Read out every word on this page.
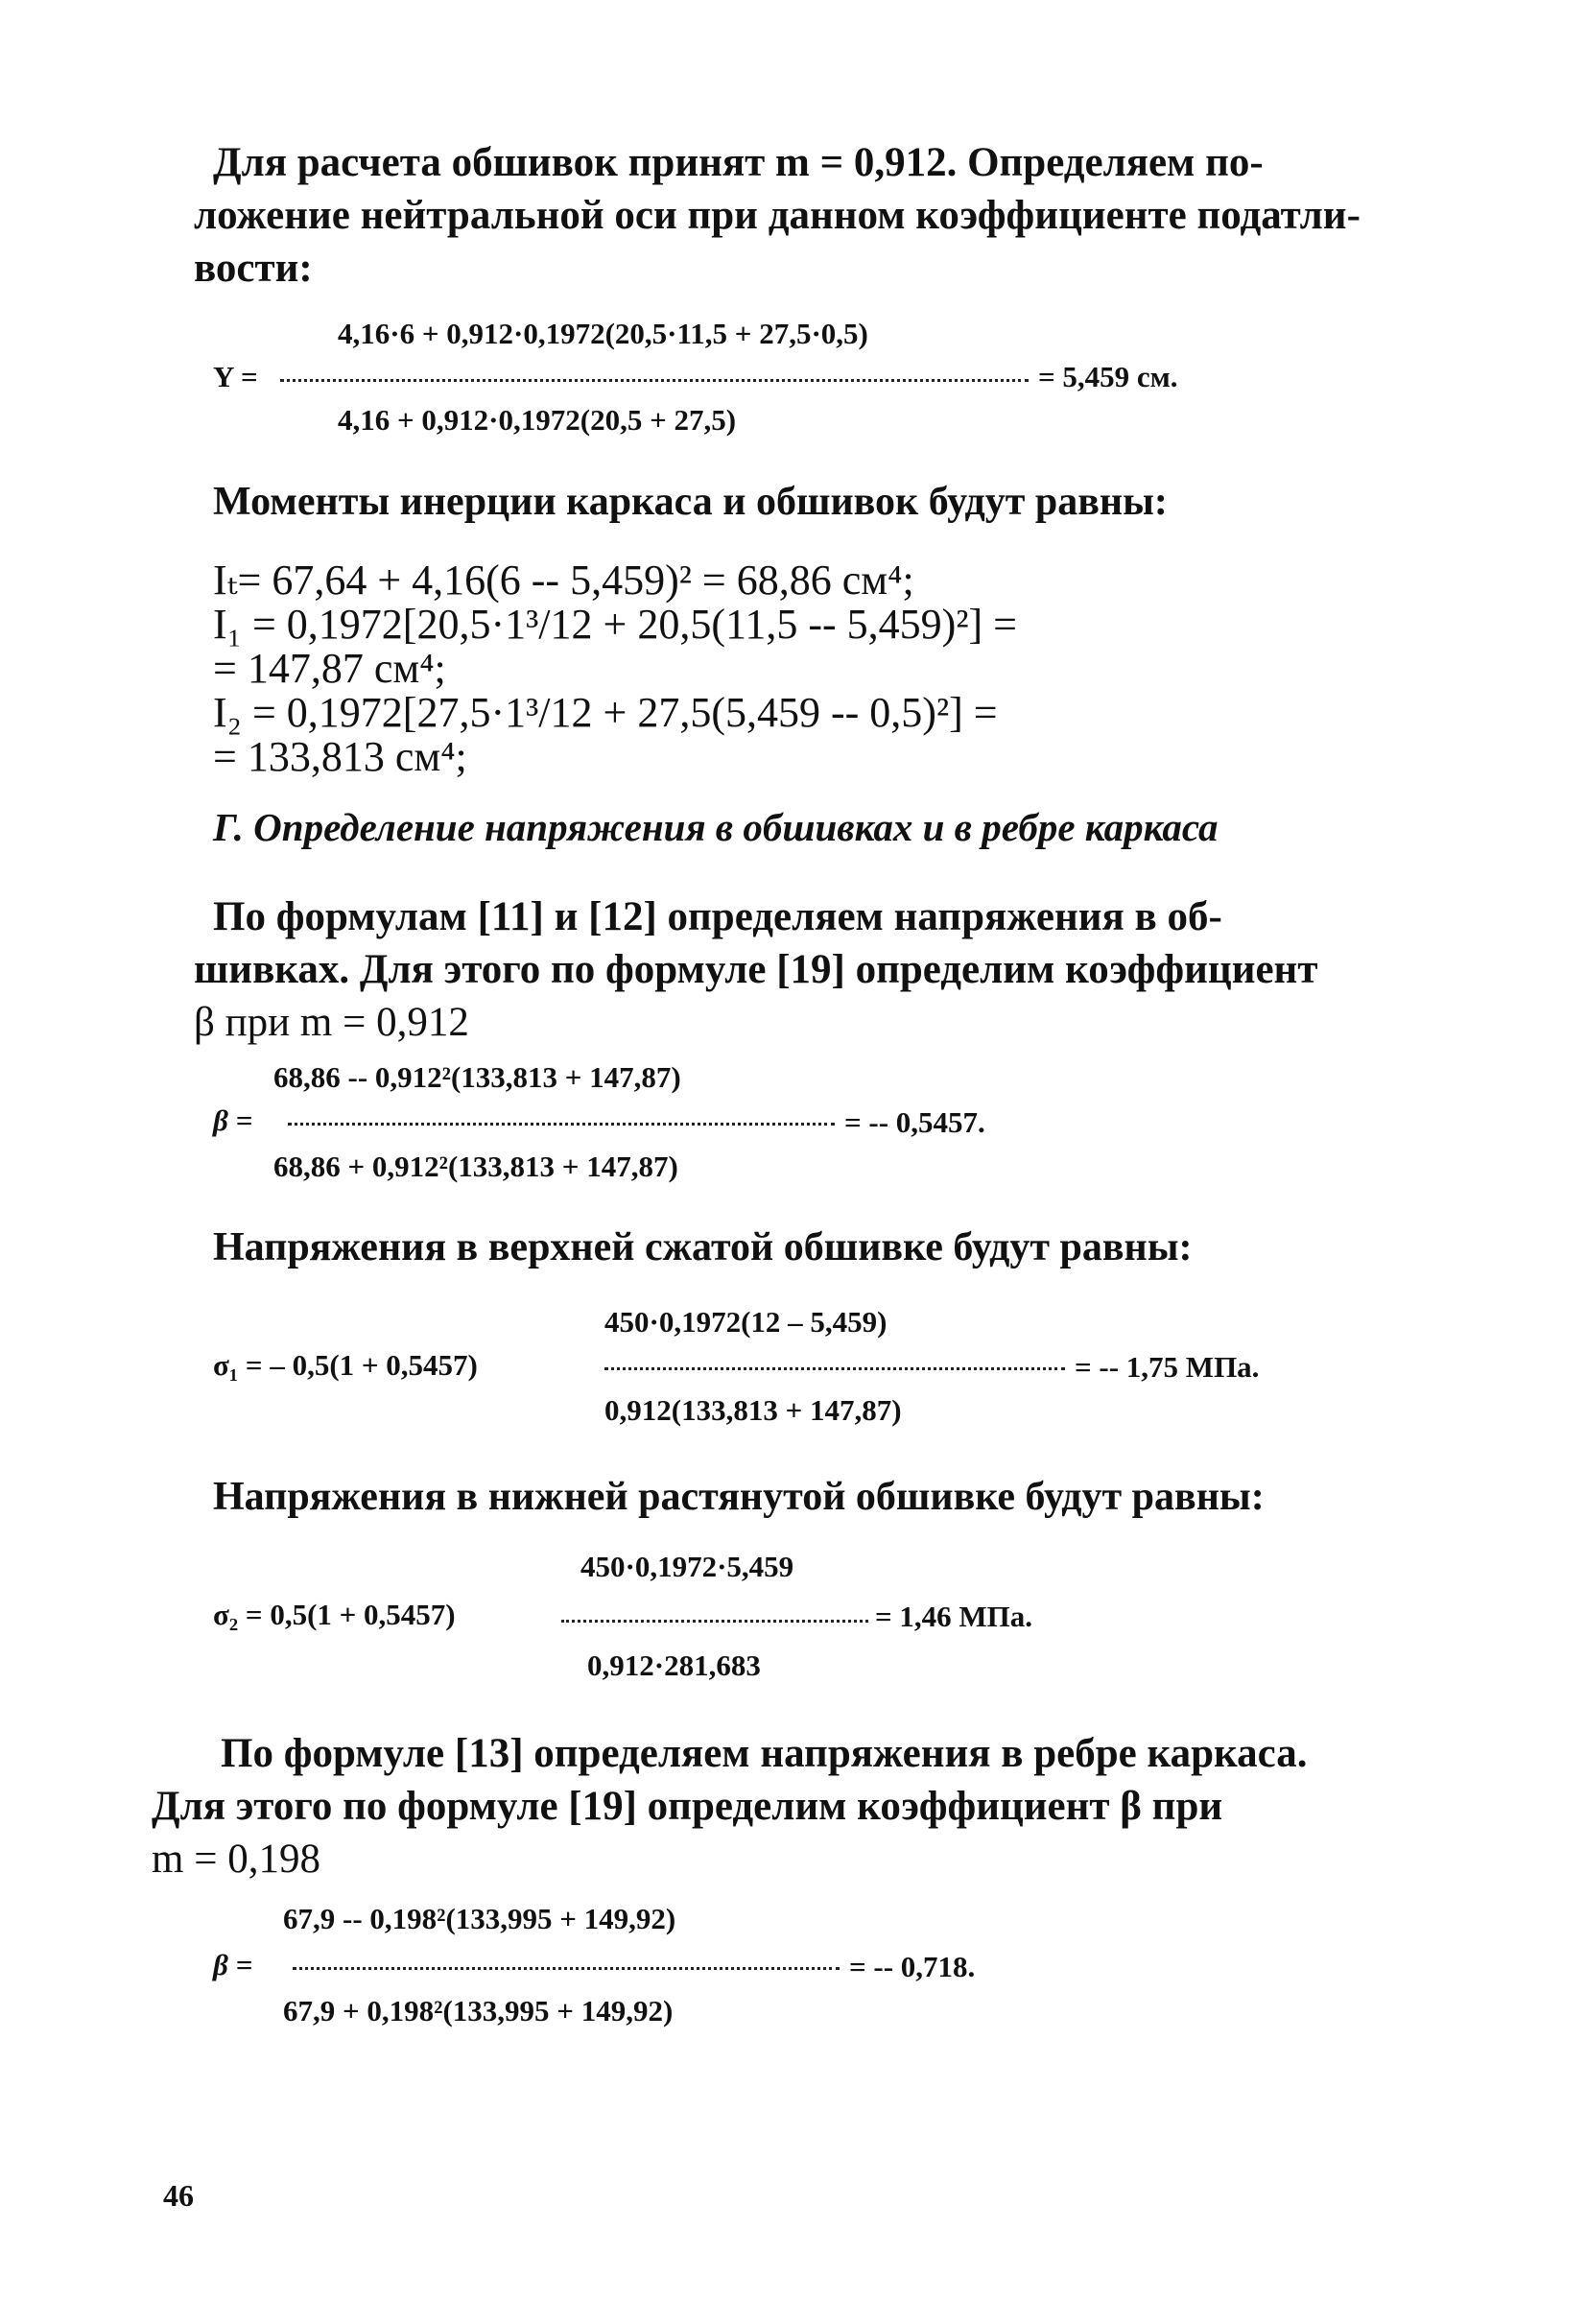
Для расчета обшивок принят m = 0,912. Определяем по-
ложение нейтральной оси при данном коэффициенте податли-
вости:
4,16·6 + 0,912·0,1972(20,5·11,5 + 27,5·0,5)
Y =	= 5,459 см.
4,16 + 0,912·0,1972(20,5 + 27,5)
Моменты инерции каркаса и обшивок будут равны:
Iₜ= 67,64 + 4,16(6 -- 5,459)² = 68,86 см⁴;
I₁ = 0,1972[20,5·1³/12 + 20,5(11,5 -- 5,459)²] =
= 147,87 см⁴;
I₂ = 0,1972[27,5·1³/12 + 27,5(5,459 -- 0,5)²] =
= 133,813 см⁴;
Г. Определение напряжения в обшивках и в ребре каркаса
По формулам [11] и [12] определяем напряжения в об-
шивках. Для этого по формуле [19] определим коэффициент
β при m = 0,912
68,86 -- 0,912²(133,813 + 147,87)
β =	= -- 0,5457.
68,86 + 0,912²(133,813 + 147,87)
Напряжения в верхней сжатой обшивке будут равны:
450·0,1972(12 – 5,459)
σ₁ = – 0,5(1 + 0,5457)	= -- 1,75 МПа.
0,912(133,813 + 147,87)
Напряжения в нижней растянутой обшивке будут равны:
450·0,1972·5,459
σ₂ = 0,5(1 + 0,5457)	= 1,46 МПа.
0,912·281,683
По формуле [13] определяем напряжения в ребре каркаса.
Для этого по формуле [19] определим коэффициент β при
m = 0,198
67,9 -- 0,198²(133,995 + 149,92)
β =	= -- 0,718.
67,9 + 0,198²(133,995 + 149,92)
46
